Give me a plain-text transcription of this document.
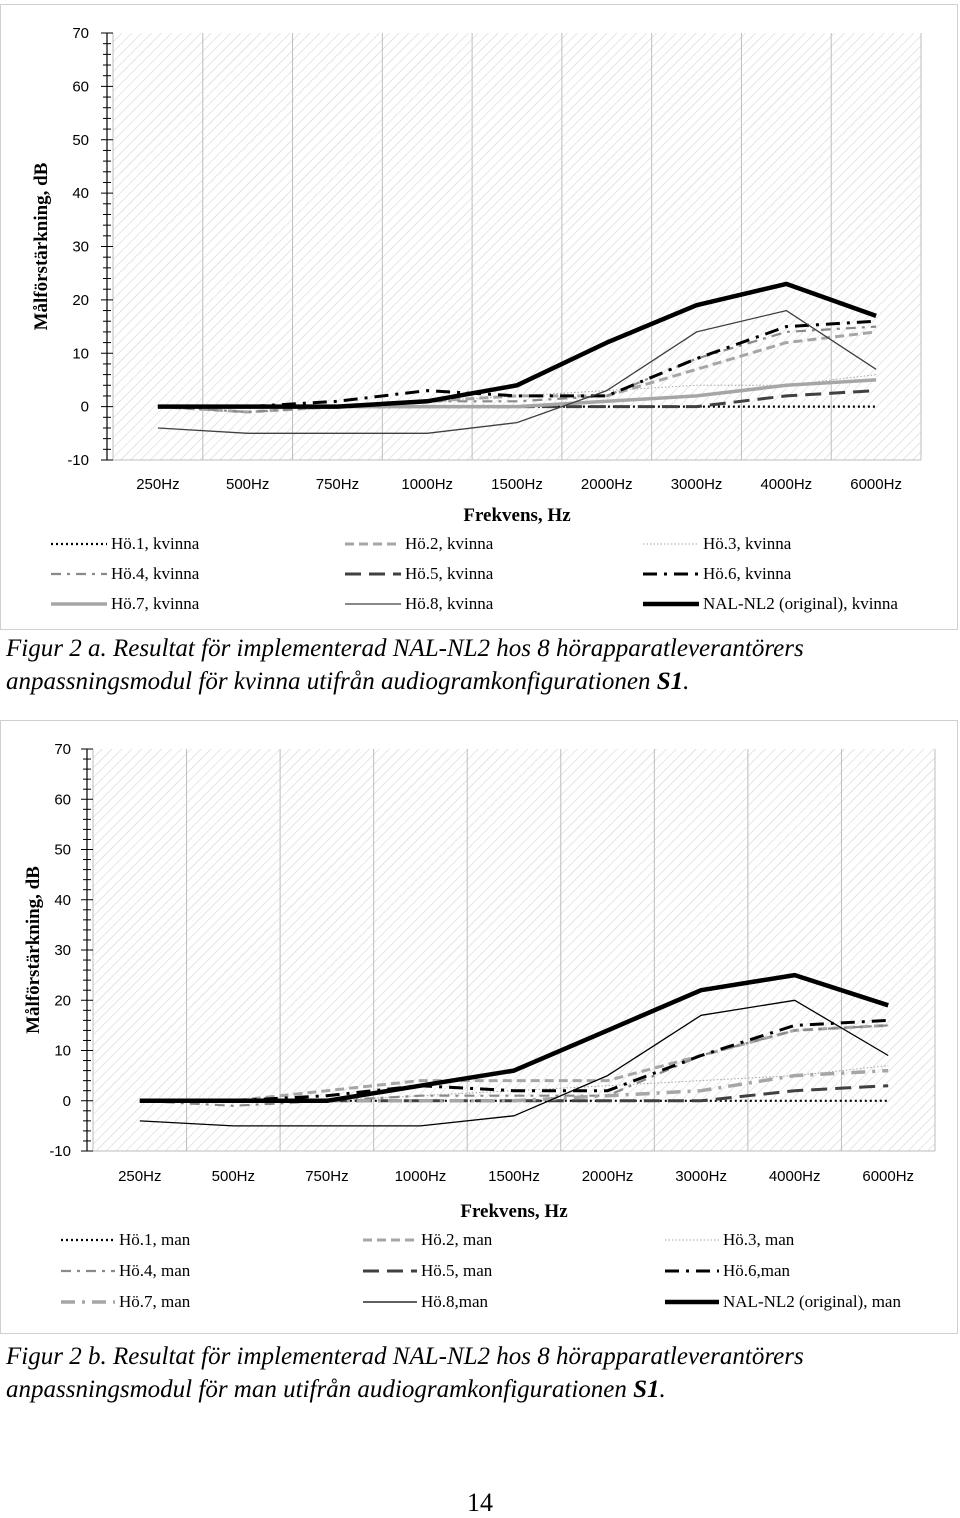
-10
0
10
20
30
40
50
60
70
Målförstärkning, dB
250Hz	500Hz	750Hz	1000Hz	1500Hz	2000Hz	3000Hz	4000Hz	6000Hz
Frekvens, Hz
Hö.1, kvinna	Hö.2, kvinna	Hö.3, kvinna
Hö.4, kvinna	Hö.5, kvinna	Hö.6, kvinna
Hö.7, kvinna	Hö.8, kvinna	NAL-NL2 (original), kvinna
Figur 2 a. Resultat för implementerad NAL-NL2 hos 8 hörapparatleverantörers anpassningsmodul för kvinna utifrån audiogramkonfigurationen S1.
-10
0
10
20
30
40
50
60
70
Målförstärkning, dB
250Hz	500Hz	750Hz	1000Hz	1500Hz	2000Hz	3000Hz	4000Hz	6000Hz
Frekvens, Hz
Hö.1, man	Hö.2, man	Hö.3, man
Hö.4, man	Hö.5, man	Hö.6,man
Hö.7, man	Hö.8,man	NAL-NL2 (original), man
Figur 2 b. Resultat för implementerad NAL-NL2 hos 8 hörapparatleverantörers anpassningsmodul för man utifrån audiogramkonfigurationen S1.
14
